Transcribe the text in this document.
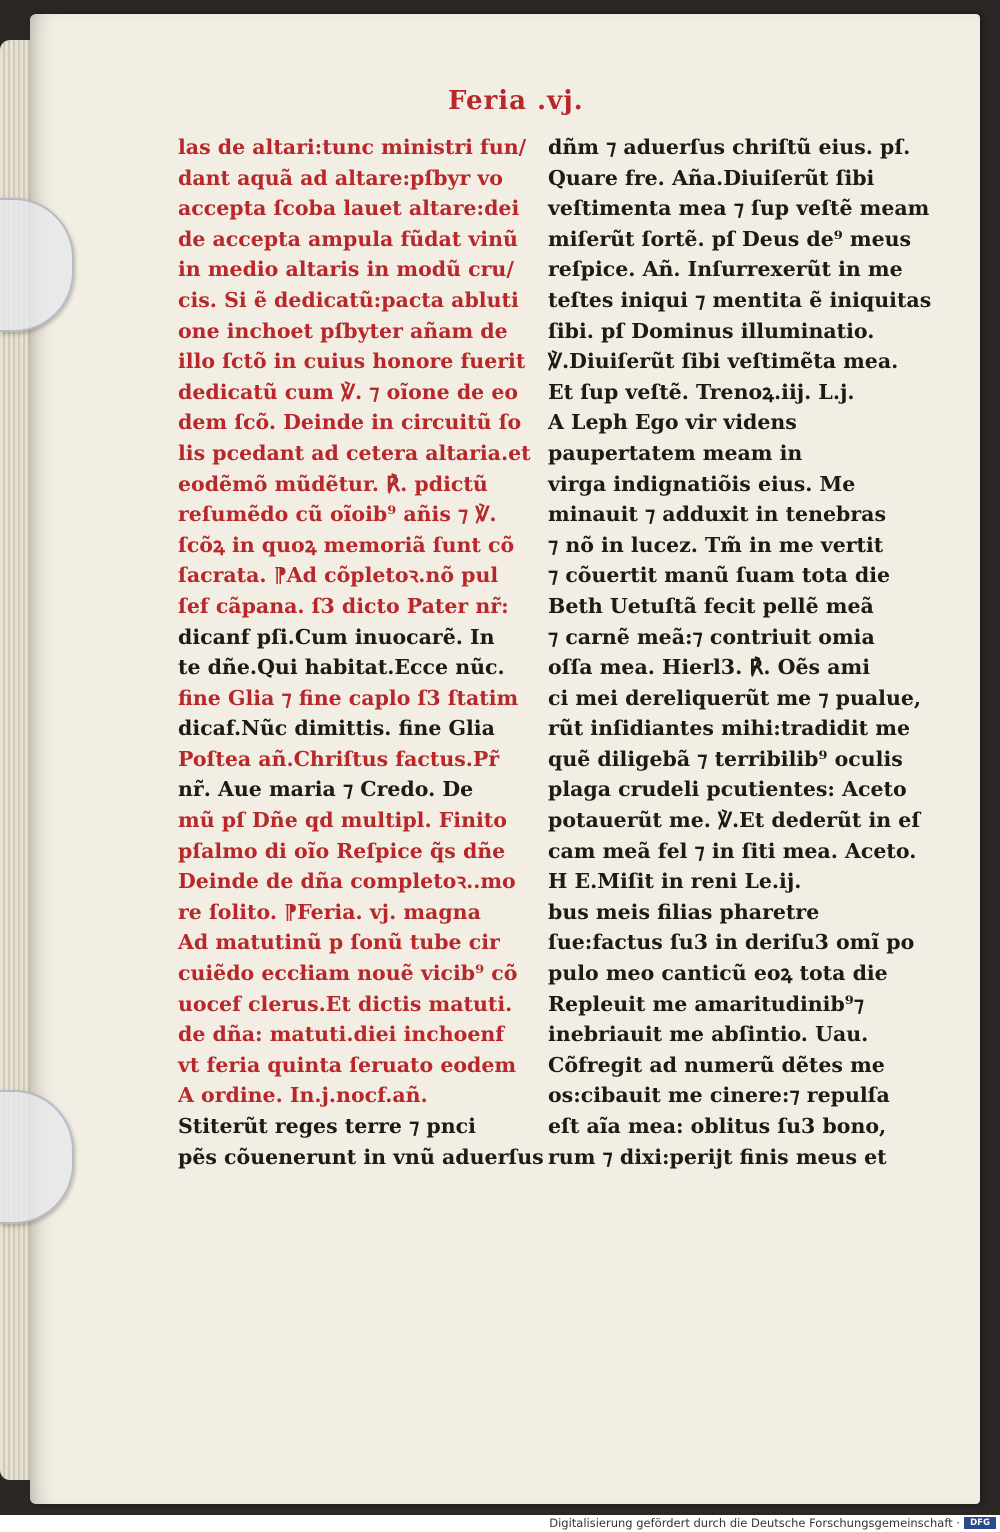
Feria .vj.
las de altari:tunc ministri fun/
dant aquã ad altare:pſbyr vo
accepta ſcoba lauet altare:dei
de accepta ampula fũdat vinũ
in medio altaris in modũ cru/
cis. Si ẽ dedicatũ:pacta abluti
one inchoet pſbyter añam de
illo ſctõ in cuius honore fuerit
dedicatũ cum ℣. ⁊ oĩone de eo
dem ſcõ. Deinde in circuitũ ſo
lis pcedant ad cetera altaria.et
eodẽmõ mũdẽtur. ℟. pdictũ
reſumẽdo cũ oĩoib⁹ añis ⁊ ℣.
ſcõꝝ in quoꝝ memoriã ſunt cõ
ſacrata. ⁋Ad cõpletoꝛ.nõ pul
ſef cãpana. ſ3 dicto Pater nr̃:
dicanf pſi.Cum inuocarẽ. In
te dñe.Qui habitat.Ecce nũc.
fine Glia ⁊ fine caplo ſ3 ſtatim
dicaf.Nũc dimittis. fine Glia
Poſtea añ.Chriſtus factus.Pr̃
nr̃. Aue maria ⁊ Credo. De
mũ pſ Dñe qd multipl. Finito
pſalmo di oĩo Reſpice q̃s dñe
Deinde de dña completoꝛ..mo
re ſolito. ⁋Feria. vj. magna
Ad matutinũ p ſonũ tube cir
cuiẽdo eccłiam nouẽ vicib⁹ cõ
uocef clerus.Et dictis matuti.
de dña: matuti.diei inchoenf
vt feria quinta ſeruato eodem
A ordine. In.j.nocf.añ.
Stiterũt reges terre ⁊ pnci
pẽs cõuenerunt in vnũ aduerſus
dñm ⁊ aduerſus chriſtũ eius. pſ.
Quare fre. Aña.Diuiſerũt ſibi
veſtimenta mea ⁊ ſup veſtẽ meam
miſerũt ſortẽ. pſ Deus de⁹ meus
reſpice. Añ. Inſurrexerũt in me
teſtes iniqui ⁊ mentita ẽ iniquitas
ſibi. pſ Dominus illuminatio.
℣.Diuiſerũt ſibi veſtimẽta mea.
Et ſup veſtẽ. Trenoꝝ.iij. L.j.
A Leph Ego vir videns
paupertatem meam in
virga indignatiõis eius. Me
minauit ⁊ adduxit in tenebras
⁊ nõ in lucez. Tm̃ in me vertit
⁊ cõuertit manũ ſuam tota die
Beth Uetuſtã fecit pellẽ meã
⁊ carnẽ meã:⁊ contriuit omia
oſſa mea. Hierl3. ℟. Oẽs ami
ci mei dereliquerũt me ⁊ pualue,
rũt inſidiantes mihi:tradidit me
quẽ diligebã ⁊ terribilib⁹ oculis
plaga crudeli pcutientes: Aceto
potauerũt me. ℣.Et dederũt in eſ
cam meã fel ⁊ in ſiti mea. Aceto.
H E.Miſit in reni Le.ij.
bus meis filias pharetre
ſue:factus ſu3 in deriſu3 omĩ po
pulo meo canticũ eoꝝ tota die
Repleuit me amaritudinib⁹⁊
inebriauit me abſintio. Uau.
Cõfregit ad numerũ dẽtes me
os:cibauit me cinere:⁊ repulſa
eſt aĩa mea: oblitus ſu3 bono,
rum ⁊ dixi:perijt finis meus et
Digitalisierung gefördert durch die Deutsche Forschungsgemeinschaft ·	DFG
